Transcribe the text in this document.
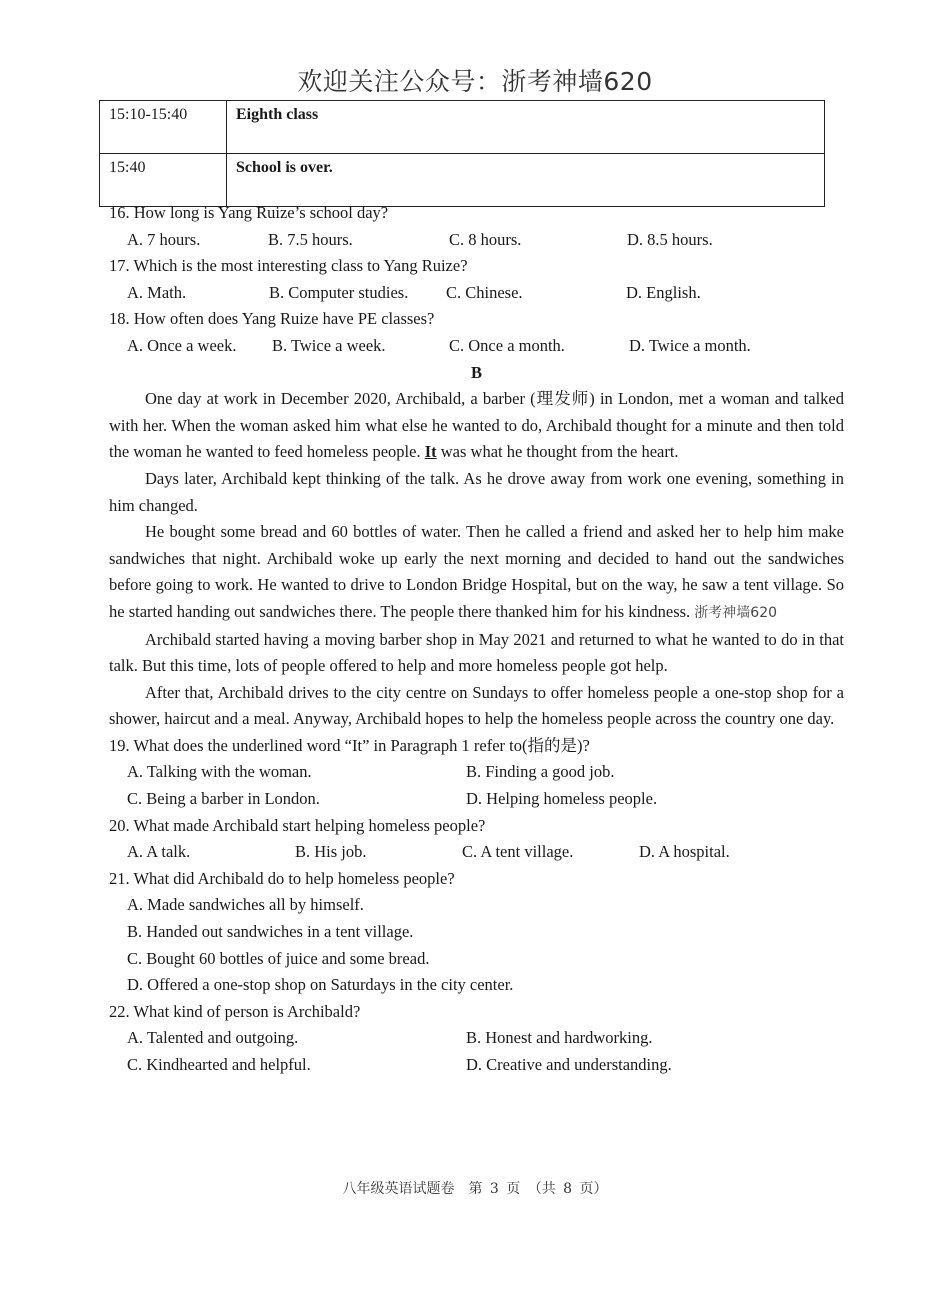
欢迎关注公众号：浙考神墙620
15:10-15:40	Eighth class
15:40	School is over.

16. How long is Yang Ruize’s school day?

A. 7 hours.	B. 7.5 hours.	C. 8 hours.	D. 8.5 hours.

17. Which is the most interesting class to Yang Ruize?

A. Math.	B. Computer studies.	C. Chinese.	D. English.

18. How often does Yang Ruize have PE classes?

A. Once a week.	B. Twice a week.	C. Once a month.	D. Twice a month.
B

One day at work in December 2020, Archibald, a barber (理发师) in London, met a woman and talked with her. When the woman asked him what else he wanted to do, Archibald thought for a minute and then told the woman he wanted to feed homeless people. It was what he thought from the heart.

Days later, Archibald kept thinking of the talk. As he drove away from work one evening, something in him changed.

He bought some bread and 60 bottles of water. Then he called a friend and asked her to help him make sandwiches that night. Archibald woke up early the next morning and decided to hand out the sandwiches before going to work. He wanted to drive to London Bridge Hospital, but on the way, he saw a tent village. So he started handing out sandwiches there. The people there thanked him for his kindness. 浙考神墙620

Archibald started having a moving barber shop in May 2021 and returned to what he wanted to do in that talk. But this time, lots of people offered to help and more homeless people got help.

After that, Archibald drives to the city centre on Sundays to offer homeless people a one-stop shop for a shower, haircut and a meal. Anyway, Archibald hopes to help the homeless people across the country one day.

19. What does the underlined word “It” in Paragraph 1 refer to(指的是)?

A. Talking with the woman.	B. Finding a good job.
C. Being a barber in London.	D. Helping homeless people.

20. What made Archibald start helping homeless people?

A. A talk.	B. His job.	C. A tent village.	D. A hospital.

21. What did Archibald do to help homeless people?

A. Made sandwiches all by himself.
B. Handed out sandwiches in a tent village.
C. Bought 60 bottles of juice and some bread.
D. Offered a one-stop shop on Saturdays in the city center.

22. What kind of person is Archibald?

A. Talented and outgoing.	B. Honest and hardworking.
C. Kindhearted and helpful.	D. Creative and understanding.
八年级英语试题卷　第 3 页 （共 8 页）
